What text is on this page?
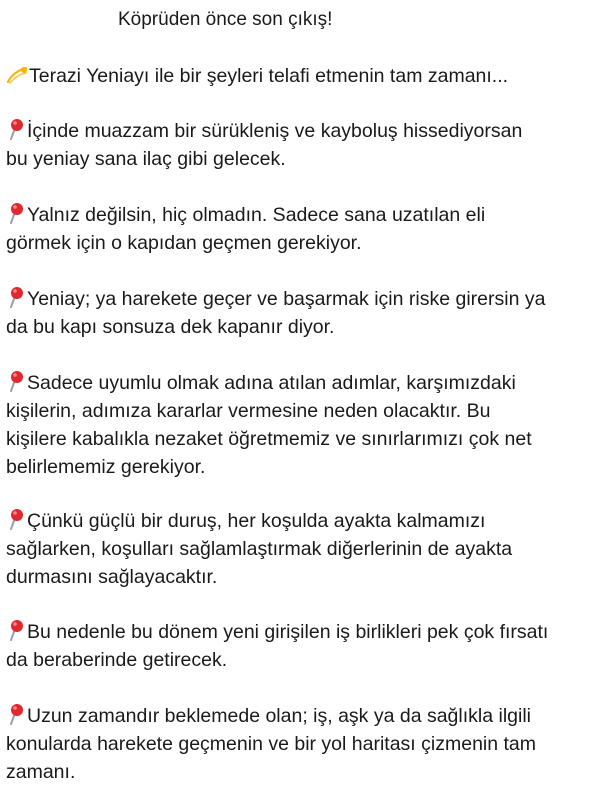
Köprüden önce son çıkış!
Terazi Yeniayı ile bir şeyleri telafi etmenin tam zamanı...
İçinde muazzam bir sürükleniş ve kayboluş hissediyorsan
bu yeniay sana ilaç gibi gelecek.
Yalnız değilsin, hiç olmadın. Sadece sana uzatılan eli
görmek için o kapıdan geçmen gerekiyor.
Yeniay; ya harekete geçer ve başarmak için riske girersin ya
da bu kapı sonsuza dek kapanır diyor.
Sadece uyumlu olmak adına atılan adımlar, karşımızdaki
kişilerin, adımıza kararlar vermesine neden olacaktır. Bu
kişilere kabalıkla nezaket öğretmemiz ve sınırlarımızı çok net
belirlememiz gerekiyor.
Çünkü güçlü bir duruş, her koşulda ayakta kalmamızı
sağlarken, koşulları sağlamlaştırmak diğerlerinin de ayakta
durmasını sağlayacaktır.
Bu nedenle bu dönem yeni girişilen iş birlikleri pek çok fırsatı
da beraberinde getirecek.
Uzun zamandır beklemede olan; iş, aşk ya da sağlıkla ilgili
konularda harekete geçmenin ve bir yol haritası çizmenin tam
zamanı.
